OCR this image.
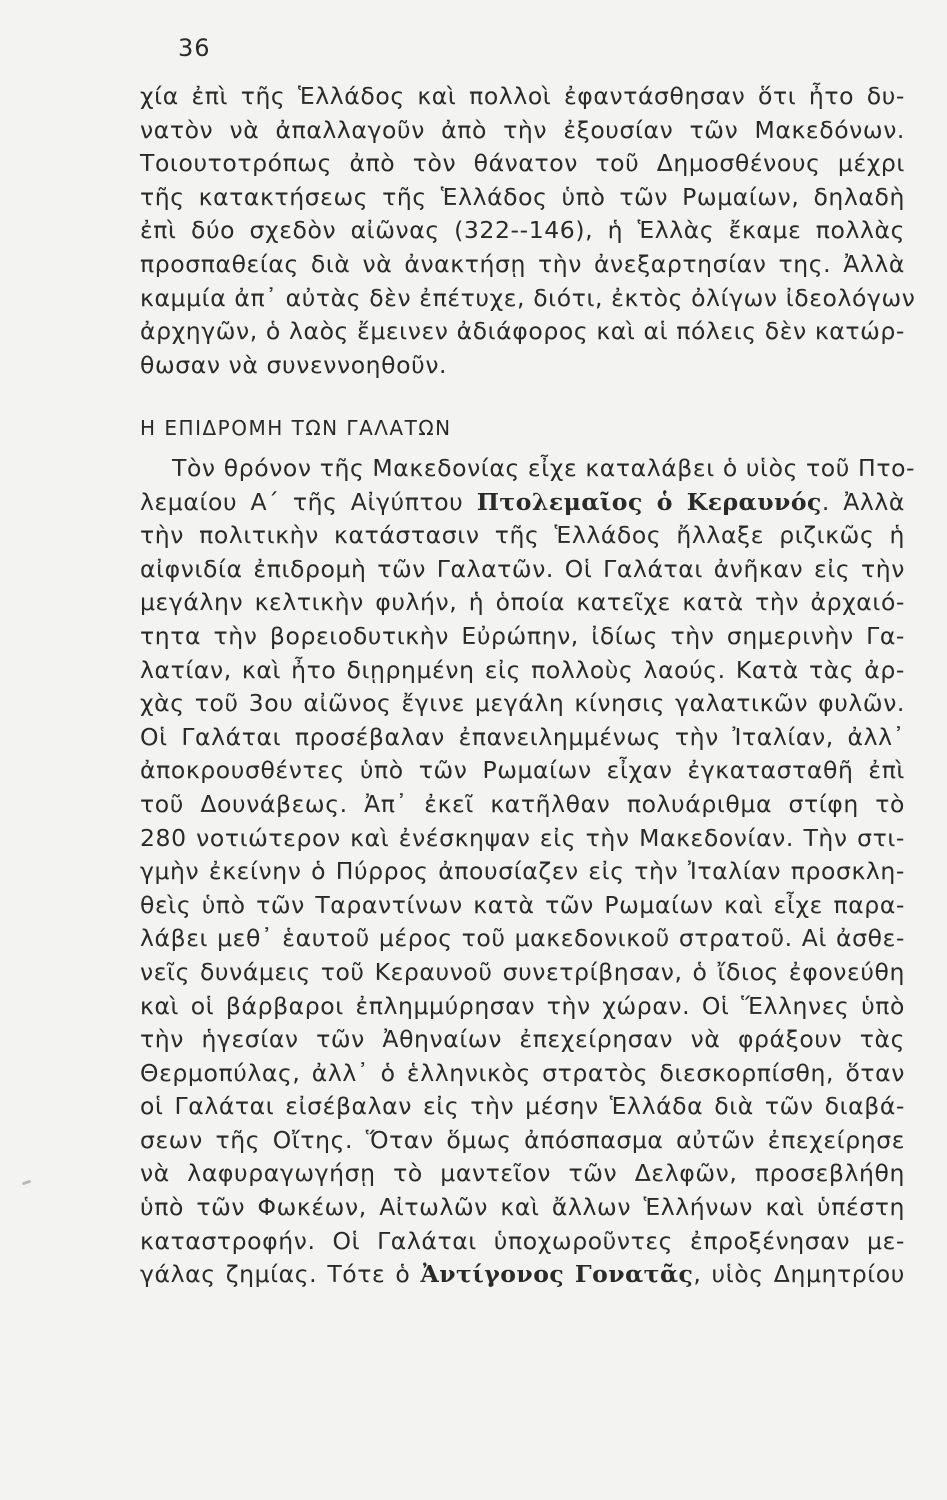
36
χία ἐπὶ τῆς Ἑλλάδος καὶ πολλοὶ ἐφαντάσθησαν ὅτι ἦτο δυ-
νατὸν νὰ ἀπαλλαγοῦν ἀπὸ τὴν ἐξουσίαν τῶν Μακεδόνων.
Τοιουτοτρόπως ἀπὸ τὸν θάνατον τοῦ Δημοσθένους μέχρι
τῆς κατακτήσεως τῆς Ἑλλάδος ὑπὸ τῶν Ρωμαίων, δηλαδὴ
ἐπὶ δύο σχεδὸν αἰῶνας (322--146), ἡ Ἑλλὰς ἔκαμε πολλὰς
προσπαθείας διὰ νὰ ἀνακτήσῃ τὴν ἀνεξαρτησίαν της. Ἀλλὰ
καμμία ἀπ᾽ αὐτὰς δὲν ἐπέτυχε, διότι, ἐκτὸς ὀλίγων ἰδεολόγων
ἀρχηγῶν, ὁ λαὸς ἔμεινεν ἀδιάφορος καὶ αἱ πόλεις δὲν κατώρ-
θωσαν νὰ συνεννοηθοῦν.
Η ΕΠΙΔΡΟΜΗ ΤΩΝ ΓΑΛΑΤΩΝ
Τὸν θρόνον τῆς Μακεδονίας εἶχε καταλάβει ὁ υἱὸς τοῦ Πτο-
λεμαίου Α΄ τῆς Αἰγύπτου Πτολεμαῖος ὁ Κεραυνός. Ἀλλὰ
τὴν πολιτικὴν κατάστασιν τῆς Ἑλλάδος ἤλλαξε ριζικῶς ἡ
αἰφνιδία ἐπιδρομὴ τῶν Γαλατῶν. Οἱ Γαλάται ἀνῆκαν εἰς τὴν
μεγάλην κελτικὴν φυλήν, ἡ ὁποία κατεῖχε κατὰ τὴν ἀρχαιό-
τητα τὴν βορειοδυτικὴν Εὐρώπην, ἰδίως τὴν σημερινὴν Γα-
λατίαν, καὶ ἦτο διῃρημένη εἰς πολλοὺς λαούς. Κατὰ τὰς ἀρ-
χὰς τοῦ 3ου αἰῶνος ἔγινε μεγάλη κίνησις γαλατικῶν φυλῶν.
Οἱ Γαλάται προσέβαλαν ἐπανειλημμένως τὴν Ἰταλίαν, ἀλλ᾽
ἀποκρουσθέντες ὑπὸ τῶν Ρωμαίων εἶχαν ἐγκατασταθῆ ἐπὶ
τοῦ Δουνάβεως. Ἀπ᾽ ἐκεῖ κατῆλθαν πολυάριθμα στίφη τὸ
280 νοτιώτερον καὶ ἐνέσκηψαν εἰς τὴν Μακεδονίαν. Τὴν στι-
γμὴν ἐκείνην ὁ Πύρρος ἀπουσίαζεν εἰς τὴν Ἰταλίαν προσκλη-
θεὶς ὑπὸ τῶν Ταραντίνων κατὰ τῶν Ρωμαίων καὶ εἶχε παρα-
λάβει μεθ᾽ ἑαυτοῦ μέρος τοῦ μακεδονικοῦ στρατοῦ. Αἱ ἀσθε-
νεῖς δυνάμεις τοῦ Κεραυνοῦ συνετρίβησαν, ὁ ἴδιος ἐφονεύθη
καὶ οἱ βάρβαροι ἐπλημμύρησαν τὴν χώραν. Οἱ Ἕλληνες ὑπὸ
τὴν ἡγεσίαν τῶν Ἀθηναίων ἐπεχείρησαν νὰ φράξουν τὰς
Θερμοπύλας, ἀλλ᾽ ὁ ἑλληνικὸς στρατὸς διεσκορπίσθη, ὅταν
οἱ Γαλάται εἰσέβαλαν εἰς τὴν μέσην Ἑλλάδα διὰ τῶν διαβά-
σεων τῆς Οἴτης. Ὅταν ὅμως ἀπόσπασμα αὐτῶν ἐπεχείρησε
νὰ λαφυραγωγήσῃ τὸ μαντεῖον τῶν Δελφῶν, προσεβλήθη
ὑπὸ τῶν Φωκέων, Αἰτωλῶν καὶ ἄλλων Ἑλλήνων καὶ ὑπέστη
καταστροφήν. Οἱ Γαλάται ὑποχωροῦντες ἐπροξένησαν με-
γάλας ζημίας. Τότε ὁ Ἀντίγονος Γονατᾶς, υἱὸς Δημητρίου
